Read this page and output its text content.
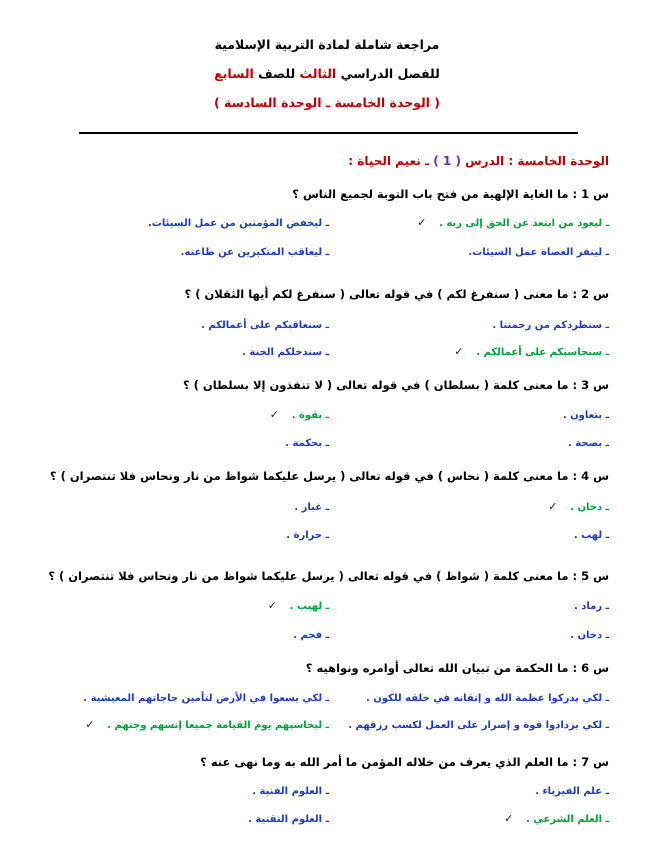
مراجعة شاملة لمادة التربية الإسلامية
للفصل الدراسي الثالث للصف السابع
( الوحدة الخامسة ـ الوحدة السادسة )
الوحدة الخامسة : الدرس ( 1 ) ـ نعيم الحياة :
س 1 : ما الغاية الإلهية من فتح باب التوبة لجميع الناس ؟
ـ ليعود من ابتعد عن الحق إلى ربه .
ـ ليخفض المؤمنين من عمل السيئات.
ـ لينفر العصاة عمل السيئات.
ـ ليعاقب المتكبرين عن طاعته.
س 2 : ما معنى ( سنفرغ لكم ) في قوله تعالى ( سنفرغ لكم أيها الثقلان ) ؟
ـ سنطردكم من رحمتنا .
ـ سنعاقبكم على أعمالكم .
ـ سنحاسبكم على أعمالكم .
ـ سندخلكم الجنة .
س 3 : ما معنى كلمة ( بسلطان ) في قوله تعالى ( لا تنفذون إلا بسلطان ) ؟
ـ بتعاون .
ـ بقوة .
ـ بصحة .
ـ بحكمة .
س 4 : ما معنى كلمة ( نحاس ) في قوله تعالى ( يرسل عليكما شواظ من نار ونحاس فلا تنتصران ) ؟
ـ دخان .
ـ غبار .
ـ لهب .
ـ حرارة .
س 5 : ما معنى كلمة ( شواظ ) في قوله تعالى ( يرسل عليكما شواظ من نار ونحاس فلا تنتصران ) ؟
ـ رماد .
ـ لهيب .
ـ دخان .
ـ فحم .
س 6 : ما الحكمة من تبيان الله تعالى أوامره ونواهيه ؟
ـ لكي يدركوا عظمة الله و إتقانه في خلقه للكون .
ـ لكي يسعوا في الأرض لتأمين حاجاتهم المعيشية .
ـ لكي يزدادوا قوة و إصرار على العمل لكسب رزقهم .
ـ ليحاسبهم يوم القيامة جميعا إنسهم وجنهم .
س 7 : ما العلم الذي يعرف من خلاله المؤمن ما أمر الله به وما نهى عنه ؟
ـ علم الفيزياء .
ـ العلوم الفنية .
ـ العلم الشرعي .
ـ العلوم التقنية .
✓
✓
✓
✓
✓
✓
✓
